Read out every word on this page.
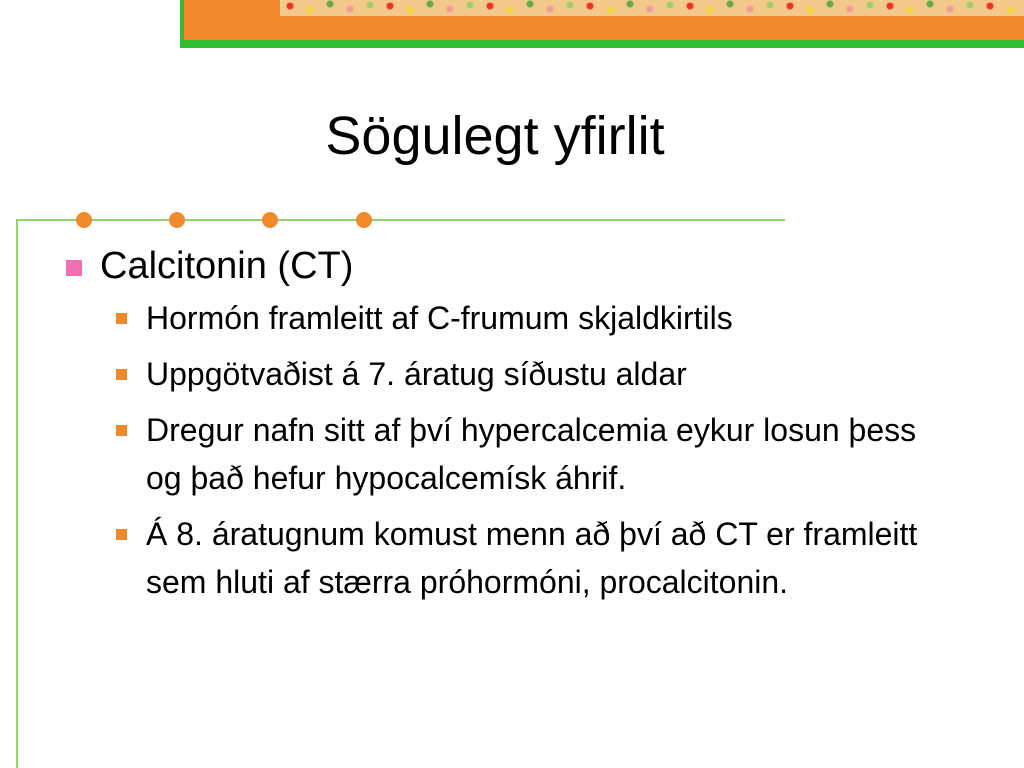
Sögulegt yfirlit
Calcitonin (CT)
Hormón framleitt af C-frumum skjaldkirtils
Uppgötvaðist á 7. áratug síðustu aldar
Dregur nafn sitt af því hypercalcemia eykur losun þess og það hefur hypocalcemísk áhrif.
Á 8. áratugnum komust menn að því að CT er framleitt sem hluti af stærra próhormóni, procalcitonin.
